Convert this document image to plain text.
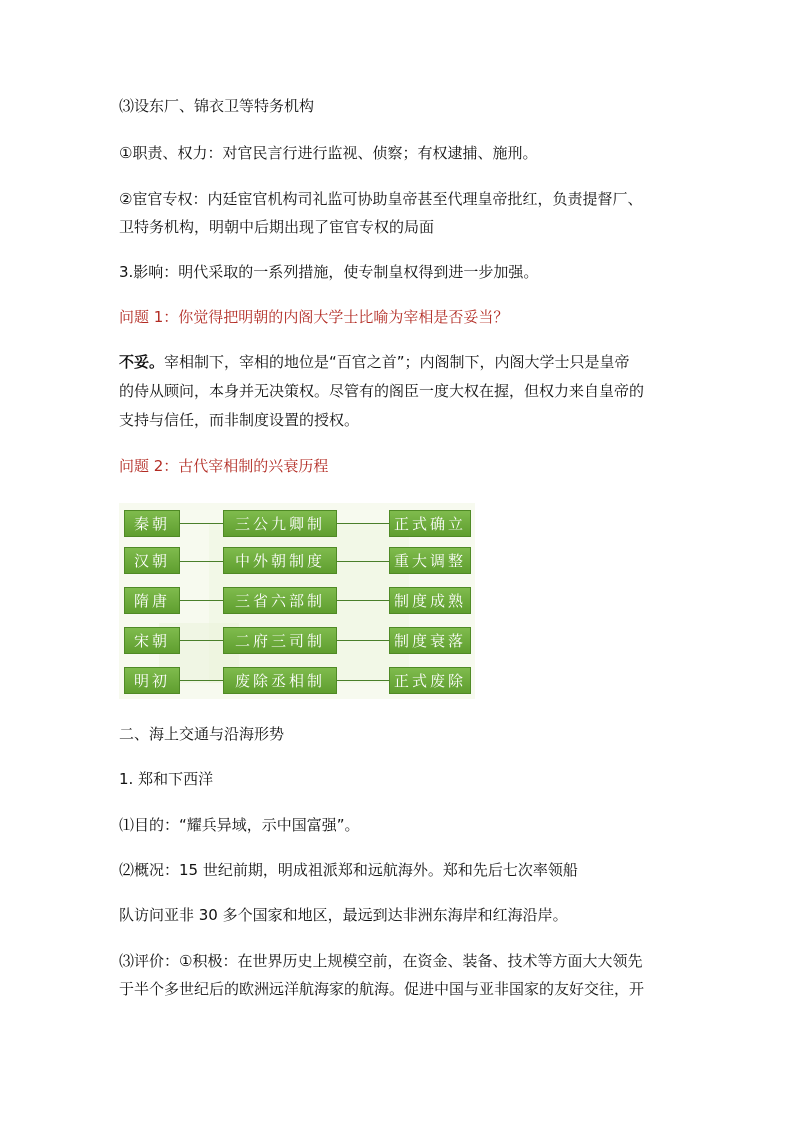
⑶设东厂、锦衣卫等特务机构

①职责、权力：对官民言行进行监视、侦察；有权逮捕、施刑。

②宦官专权：内廷宦官机构司礼监可协助皇帝甚至代理皇帝批红，负责提督厂、

卫特务机构，明朝中后期出现了宦官专权的局面

3.影响：明代采取的一系列措施，使专制皇权得到进一步加强。

问题 1：你觉得把明朝的内阁大学士比喻为宰相是否妥当？

不妥。宰相制下，宰相的地位是“百官之首”；内阁制下，内阁大学士只是皇帝

的侍从顾问，本身并无决策权。尽管有的阁臣一度大权在握，但权力来自皇帝的

支持与信任，而非制度设置的授权。

问题 2：古代宰相制的兴衰历程

秦朝	三公九卿制	正式确立
汉朝	中外朝制度	重大调整
隋唐	三省六部制	制度成熟
宋朝	二府三司制	制度衰落
明初	废除丞相制	正式废除

二、海上交通与沿海形势

1. 郑和下西洋

⑴目的：“耀兵异域，示中国富强”。

⑵概况：15 世纪前期，明成祖派郑和远航海外。郑和先后七次率领船

队访问亚非 30 多个国家和地区，最远到达非洲东海岸和红海沿岸。

⑶评价：①积极：在世界历史上规模空前，在资金、装备、技术等方面大大领先

于半个多世纪后的欧洲远洋航海家的航海。促进中国与亚非国家的友好交往，开
